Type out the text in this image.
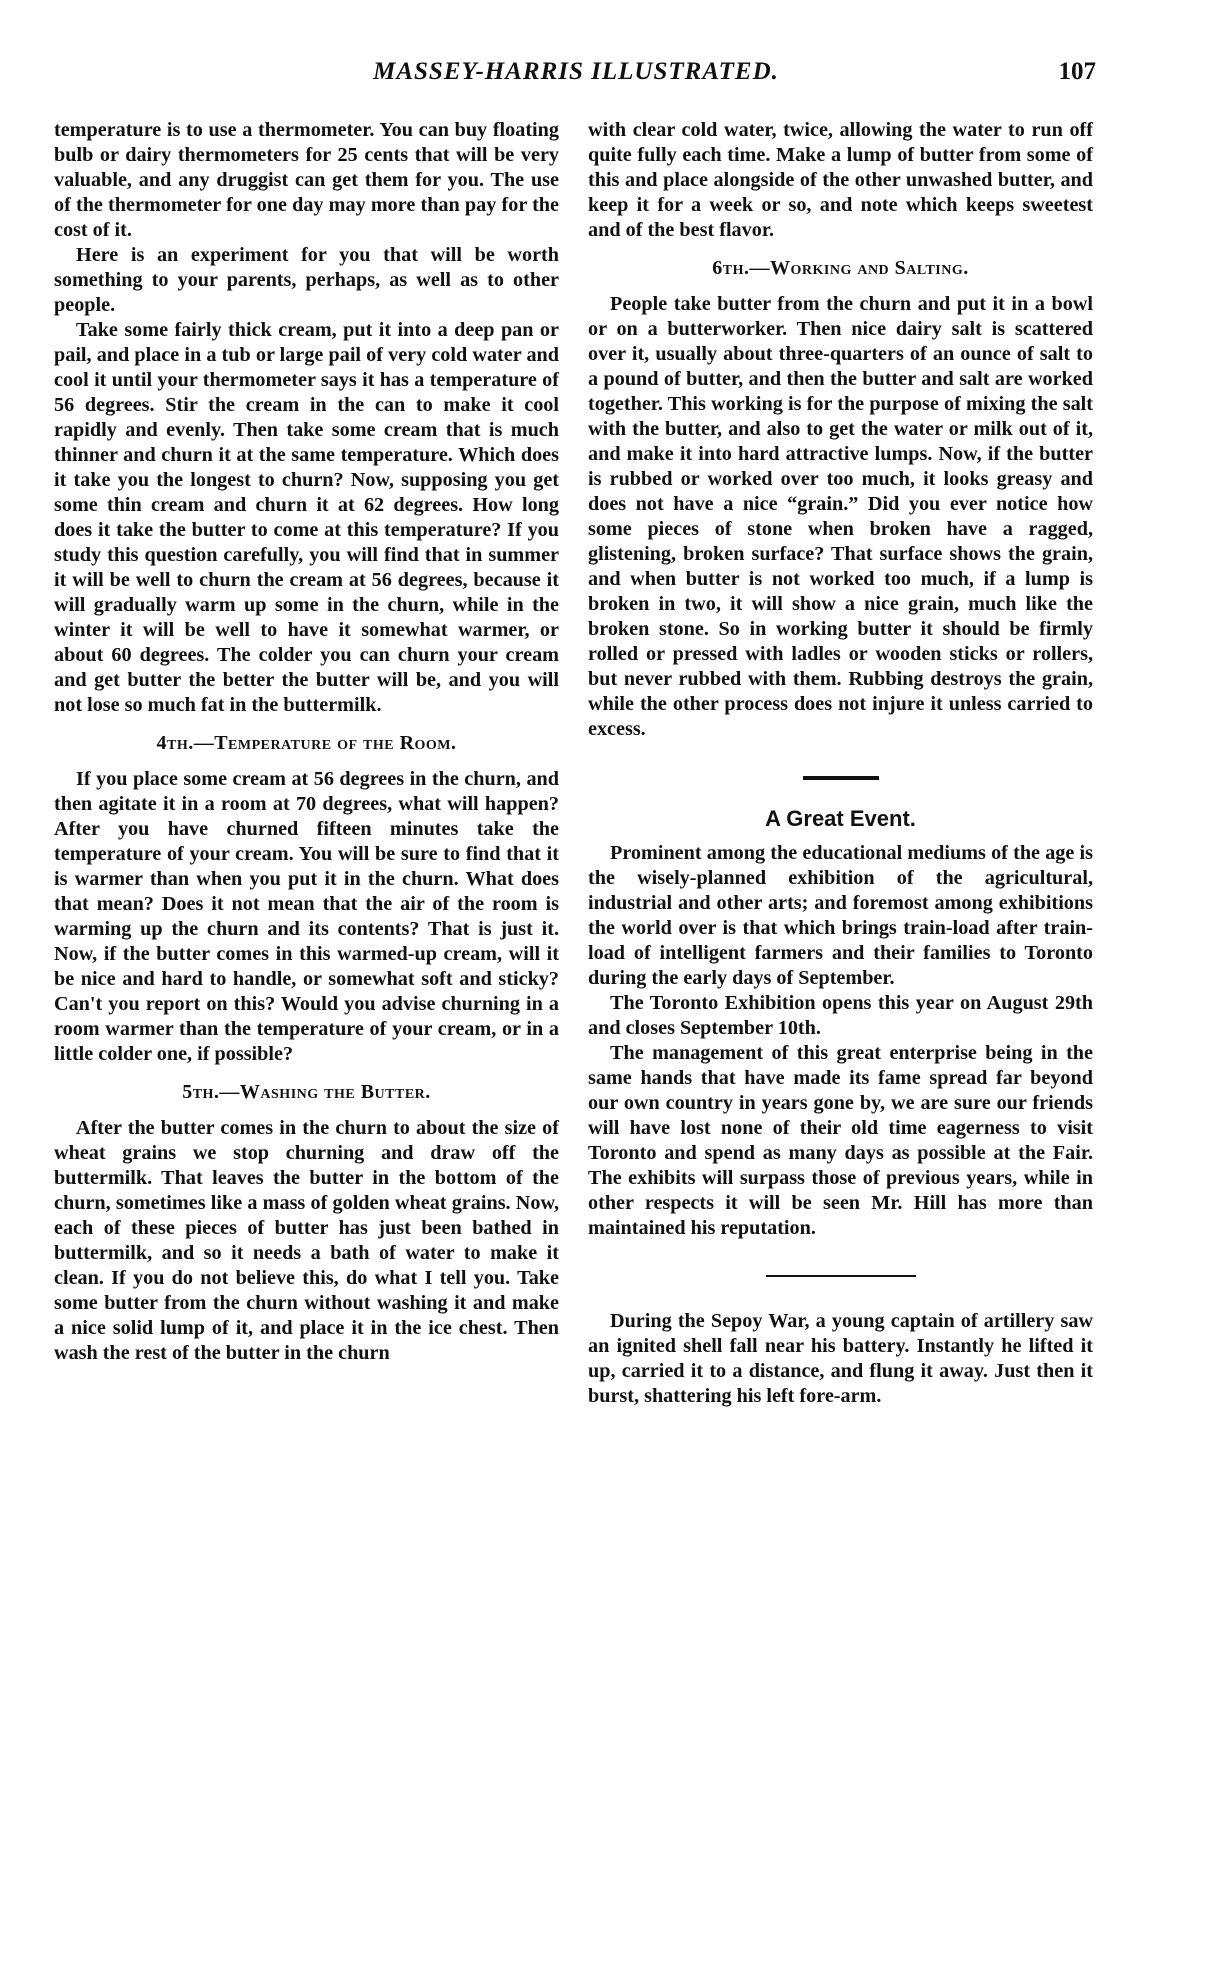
MASSEY-HARRIS ILLUSTRATED.	107

temperature is to use a thermometer. You can buy floating bulb or dairy thermometers for 25 cents that will be very valuable, and any druggist can get them for you. The use of the thermometer for one day may more than pay for the cost of it.

Here is an experiment for you that will be worth something to your parents, perhaps, as well as to other people.

Take some fairly thick cream, put it into a deep pan or pail, and place in a tub or large pail of very cold water and cool it until your thermometer says it has a temperature of 56 degrees. Stir the cream in the can to make it cool rapidly and evenly. Then take some cream that is much thinner and churn it at the same temperature. Which does it take you the longest to churn? Now, supposing you get some thin cream and churn it at 62 degrees. How long does it take the butter to come at this temperature? If you study this question carefully, you will find that in summer it will be well to churn the cream at 56 degrees, because it will gradually warm up some in the churn, while in the winter it will be well to have it somewhat warmer, or about 60 degrees. The colder you can churn your cream and get butter the better the butter will be, and you will not lose so much fat in the buttermilk.

4th.—Temperature of the Room.

If you place some cream at 56 degrees in the churn, and then agitate it in a room at 70 degrees, what will happen? After you have churned fifteen minutes take the temperature of your cream. You will be sure to find that it is warmer than when you put it in the churn. What does that mean? Does it not mean that the air of the room is warming up the churn and its contents? That is just it. Now, if the butter comes in this warmed-up cream, will it be nice and hard to handle, or somewhat soft and sticky? Can't you report on this? Would you advise churning in a room warmer than the temperature of your cream, or in a little colder one, if possible?

5th.—Washing the Butter.

After the butter comes in the churn to about the size of wheat grains we stop churning and draw off the buttermilk. That leaves the butter in the bottom of the churn, sometimes like a mass of golden wheat grains. Now, each of these pieces of butter has just been bathed in buttermilk, and so it needs a bath of water to make it clean. If you do not believe this, do what I tell you. Take some butter from the churn without washing it and make a nice solid lump of it, and place it in the ice chest. Then wash the rest of the butter in the churn

with clear cold water, twice, allowing the water to run off quite fully each time. Make a lump of butter from some of this and place alongside of the other unwashed butter, and keep it for a week or so, and note which keeps sweetest and of the best flavor.

6th.—Working and Salting.

People take butter from the churn and put it in a bowl or on a butterworker. Then nice dairy salt is scattered over it, usually about three-quarters of an ounce of salt to a pound of butter, and then the butter and salt are worked together. This working is for the purpose of mixing the salt with the butter, and also to get the water or milk out of it, and make it into hard attractive lumps. Now, if the butter is rubbed or worked over too much, it looks greasy and does not have a nice “grain.” Did you ever notice how some pieces of stone when broken have a ragged, glistening, broken surface? That surface shows the grain, and when butter is not worked too much, if a lump is broken in two, it will show a nice grain, much like the broken stone. So in working butter it should be firmly rolled or pressed with ladles or wooden sticks or rollers, but never rubbed with them. Rubbing destroys the grain, while the other process does not injure it unless carried to excess.

A Great Event.

Prominent among the educational mediums of the age is the wisely-planned exhibition of the agricultural, industrial and other arts; and foremost among exhibitions the world over is that which brings train-load after train-load of intelligent farmers and their families to Toronto during the early days of September.

The Toronto Exhibition opens this year on August 29th and closes September 10th.

The management of this great enterprise being in the same hands that have made its fame spread far beyond our own country in years gone by, we are sure our friends will have lost none of their old time eagerness to visit Toronto and spend as many days as possible at the Fair. The exhibits will surpass those of previous years, while in other respects it will be seen Mr. Hill has more than maintained his reputation.

During the Sepoy War, a young captain of artillery saw an ignited shell fall near his battery. Instantly he lifted it up, carried it to a distance, and flung it away. Just then it burst, shattering his left fore-arm.
